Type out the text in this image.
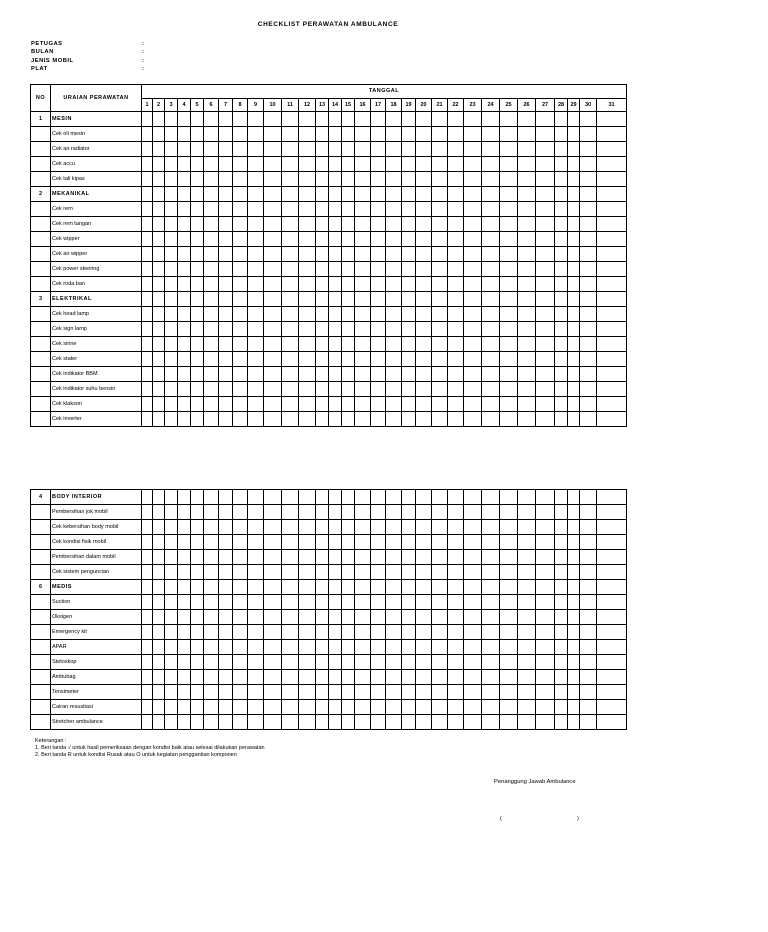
CHECKLIST PERAWATAN AMBULANCE
PETUGAS	:
BULAN	:
JENIS MOBIL	:
PLAT	:
NO	URAIAN PERAWATAN	TANGGAL																														
		1	2	3	4	5	6	7	8	9	10	11	12	13	14	15	16	17	18	19	20	21	22	23	24	25	26	27	28	29	30	31
1	MESIN																															
	Cek oli mesin																															
	Cek air radiator																															
	Cek accu																															
	Cek tali kipas																															
2	MEKANIKAL																															
	Cek rem																															
	Cek rem tangan																															
	Cek wipper																															
	Cek air wipper																															
	Cek power steering																															
	Cek roda ban																															
3	ELEKTRIKAL																															
	Cek head lamp																															
	Cek sign lamp																															
	Cek sirine																															
	Cek stater																															
	Cek indikator BBM																															
	Cek indikator suhu bensin																															
	Cek klakson																															
	Cek inverter																															
4	BODY INTERIOR																															
	Pembersihan jok mobil																															
	Cek kebersihan body mobil																															
	Cek kondisi fisik mobil																															
	Pembersihan dalam mobil																															
	Cek sistem penguncian																															
6	MEDIS																															
	Suction																															
	Oksigen																															
	Emergency kit																															
	APAR																															
	Stetoskop																															
	Ambubag																															
	Tensimeter																															
	Cairan resusitasi																															
	Stretcher ambulance																															
Keterangan :
1. Beri tanda √ untuk hasil pemeriksaan dengan kondisi baik atau selesai dilakukan perawatan
2. Beri tanda R untuk kondisi Rusak atau O untuk kegiatan penggantian komponen
Penanggung Jawab Ambulance
(	)
